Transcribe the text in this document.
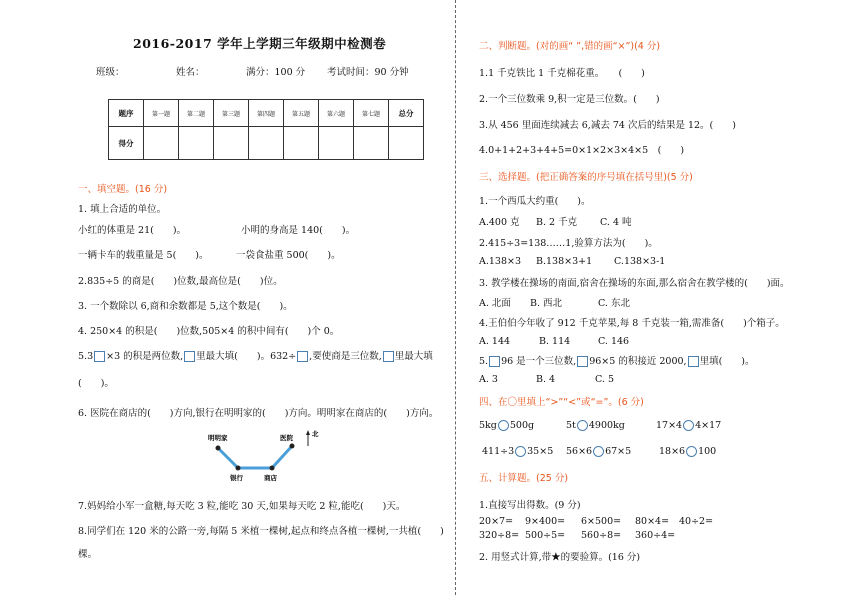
2016-2017 学年上学期三年级期中检测卷
班级：	姓名：	满分：100 分 考试时间：90 分钟
题序	第一题	第二题	第三题	第四题	第五题	第六题	第七题	总分
得分								
一、填空题。(16 分)
1. 填上合适的单位。
小红的体重是 21(　　)。	小明的身高是 140(　　)。
一辆卡车的载重量是 5(　　)。	一袋食盐重 500(　　)。
2.835÷5 的商是(　　)位数,最高位是(　　)位。
3. 一个数除以 6,商和余数都是 5,这个数是(　　)。
4. 250×4 的积是(　　)位数,505×4 的积中间有(　　)个 0。
5.3 ×3 的积是两位数, 里最大填(　　)。632÷ ,要使商是三位数, 里最大填
(　　)。
6. 医院在商店的(　　)方向,银行在明明家的(　　)方向。明明家在商店的(　　)方向。
明明家	医院
银行	商店
北
7.妈妈给小军一盒糖,每天吃 3 粒,能吃 30 天,如果每天吃 2 粒,能吃(　　)天。
8.同学们在 120 米的公路一旁,每隔 5 米植一棵树,起点和终点各植一棵树,一共植(　　)
棵。
二、判断题。(对的画“ ”,错的画“×”)(4 分)
1.1 千克铁比 1 千克棉花重。　　(　　)
2.一个三位数乘 9,积一定是三位数。(　　)
3.从 456 里面连续减去 6,减去 74 次后的结果是 12。(　　)
4.0+1+2+3+4+5=0×1×2×3×4×5　(　　)
三、选择题。(把正确答案的序号填在括号里)(5 分)
1.一个西瓜大约重(　　)。
A.400 克 B. 2 千克 C. 4 吨
2.415÷3=138……1,验算方法为(　　)。
A.138×3 B.138×3+1 C.138×3-1
3. 教学楼在操场的南面,宿舍在操场的东面,那么宿舍在教学楼的(　　)面。
A. 北面 B. 西北	C. 东北
4.王伯伯今年收了 912 千克苹果,每 8 千克装一箱,需准备(　　)个箱子。
A. 144	B. 114	C. 146
5. 96 是一个三位数, 96×5 的积接近 2000, 里填(　　)。
A. 3	B. 4	C. 5
四、在〇里填上“>”“<”或“=”。(6 分)
5kg 500g	5t 4900kg	17×4 4×17
411÷3 35×5 56×6 67×5	18×6 100
五、计算题。(25 分)
1.直接写出得数。(9 分)
20×7= 9×400= 6×500= 80×4= 40÷2=
320÷8= 500÷5= 560÷8= 360÷4=
2. 用竖式计算,带★的要验算。(16 分)
